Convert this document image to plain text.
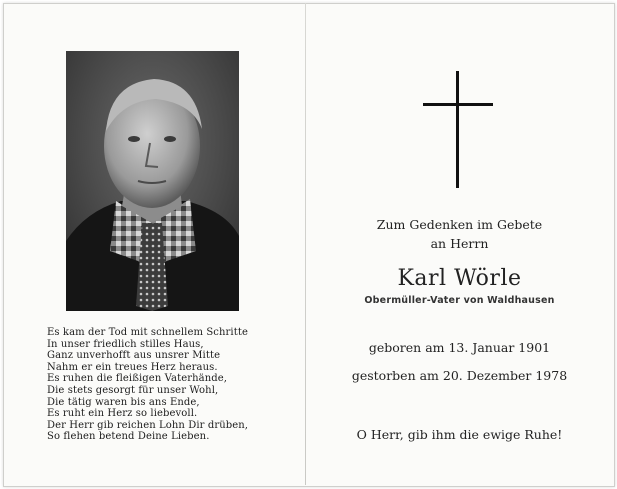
Es kam der Tod mit schnellem Schritte
In unser friedlich stilles Haus,
Ganz unverhofft aus unsrer Mitte
Nahm er ein treues Herz heraus.
Es ruhen die fleißigen Vaterhände,
Die stets gesorgt für unser Wohl,
Die tätig waren bis ans Ende,
Es ruht ein Herz so liebevoll.
Der Herr gib reichen Lohn Dir drüben,
So flehen betend Deine Lieben.
Zum Gedenken im Gebete
an Herrn
Karl Wörle
Obermüller-Vater von Waldhausen
geboren am 13. Januar 1901
gestorben am 20. Dezember 1978
O Herr, gib ihm die ewige Ruhe!
